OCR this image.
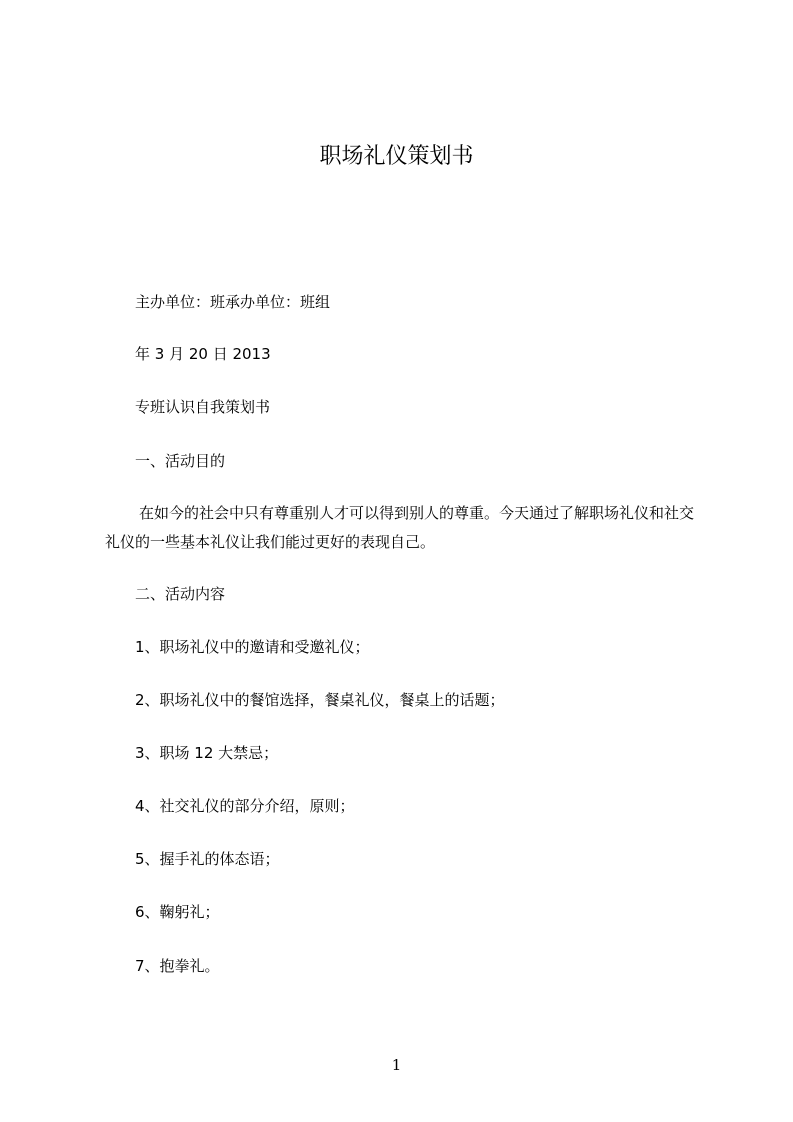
职场礼仪策划书
主办单位：班承办单位：班组
年 3 月 20 日 2013
专班认识自我策划书
一、活动目的
在如今的社会中只有尊重别人才可以得到别人的尊重。今天通过了解职场礼仪和社交礼仪的一些基本礼仪让我们能过更好的表现自己。
二、活动内容
1、职场礼仪中的邀请和受邀礼仪；
2、职场礼仪中的餐馆选择，餐桌礼仪，餐桌上的话题；
3、职场 12 大禁忌；
4、社交礼仪的部分介绍，原则；
5、握手礼的体态语；
6、鞠躬礼；
7、抱拳礼。
1
